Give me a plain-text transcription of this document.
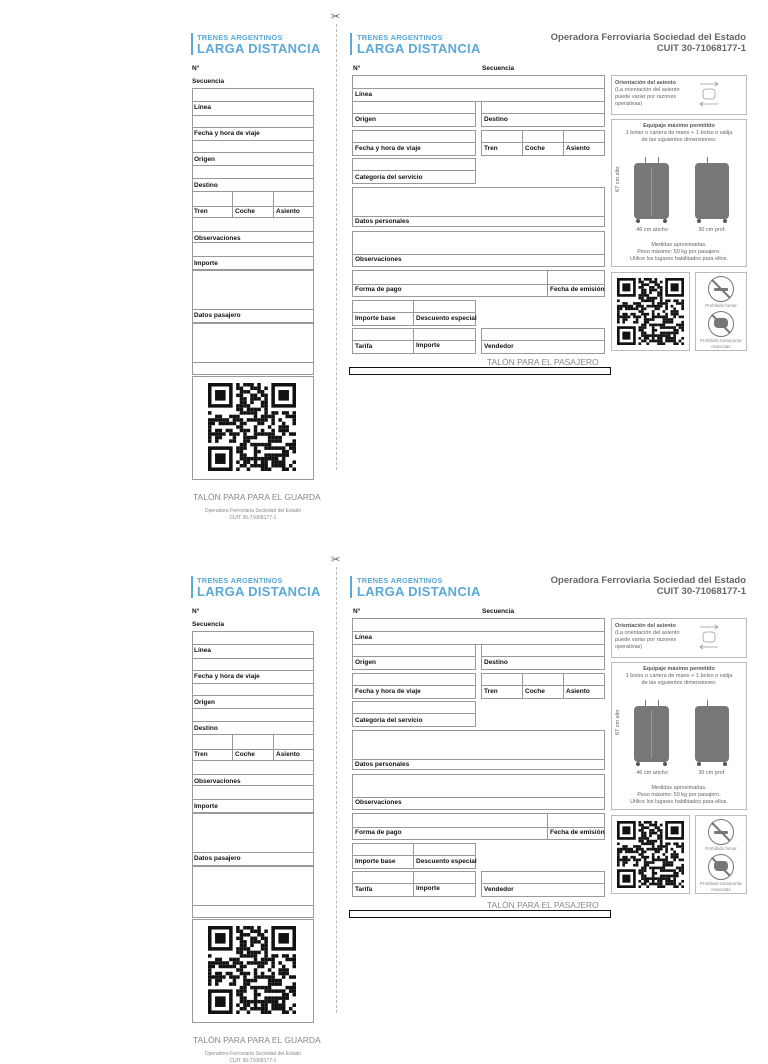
✂
TRENES ARGENTINOS
LARGA DISTANCIA
N°
Secuencia
Línea
Fecha y hora de viaje
Origen
Destino
Tren	Coche	Asiento
Observaciones
Importe
Datos pasajero
TALÓN PARA PARA EL GUARDA
Operadora Ferroviaria Sociedad del Estado
CUIT 30-71068177-1
TRENES ARGENTINOS
LARGA DISTANCIA
Operadora Ferroviaria Sociedad del Estado
CUIT 30-71068177-1
N°	Secuencia
Línea
Origen	Destino
Fecha y hora de viaje	Tren	Coche	Asiento
Categoría del servicio
Datos personales
Observaciones
Forma de pago	Fecha de emisión
Importe base	Descuento especial
Tarifa	Importe	Vendedor
TALÓN PARA EL PASAJERO
Orientación del asiento
(La orientación del asiento
puede variar por razones
operativas)
Equipaje máximo permitido
1 bolso o cartera de mano + 1 bolso o valija
de las siguientes dimensiones:
67 cm alto
46 cm ancho	30 cm prof.
Medidas aproximadas.
Peso máximo: 50 kg por pasajero.
Utilice los lugares habilitados para ellos.
Prohibido fumar
Prohibido transportar
mascotas
✂
TRENES ARGENTINOS
LARGA DISTANCIA
N°
Secuencia
Línea
Fecha y hora de viaje
Origen
Destino
Tren	Coche	Asiento
Observaciones
Importe
Datos pasajero
TALÓN PARA PARA EL GUARDA
Operadora Ferroviaria Sociedad del Estado
CUIT 30-71068177-1
TRENES ARGENTINOS
LARGA DISTANCIA
Operadora Ferroviaria Sociedad del Estado
CUIT 30-71068177-1
N°	Secuencia
Línea
Origen	Destino
Fecha y hora de viaje	Tren	Coche	Asiento
Categoría del servicio
Datos personales
Observaciones
Forma de pago	Fecha de emisión
Importe base	Descuento especial
Tarifa	Importe	Vendedor
TALÓN PARA EL PASAJERO
Orientación del asiento
(La orientación del asiento
puede variar por razones
operativas)
Equipaje máximo permitido
1 bolso o cartera de mano + 1 bolso o valija
de las siguientes dimensiones:
67 cm alto
46 cm ancho	30 cm prof.
Medidas aproximadas.
Peso máximo: 50 kg por pasajero.
Utilice los lugares habilitados para ellos.
Prohibido fumar
Prohibido transportar
mascotas
